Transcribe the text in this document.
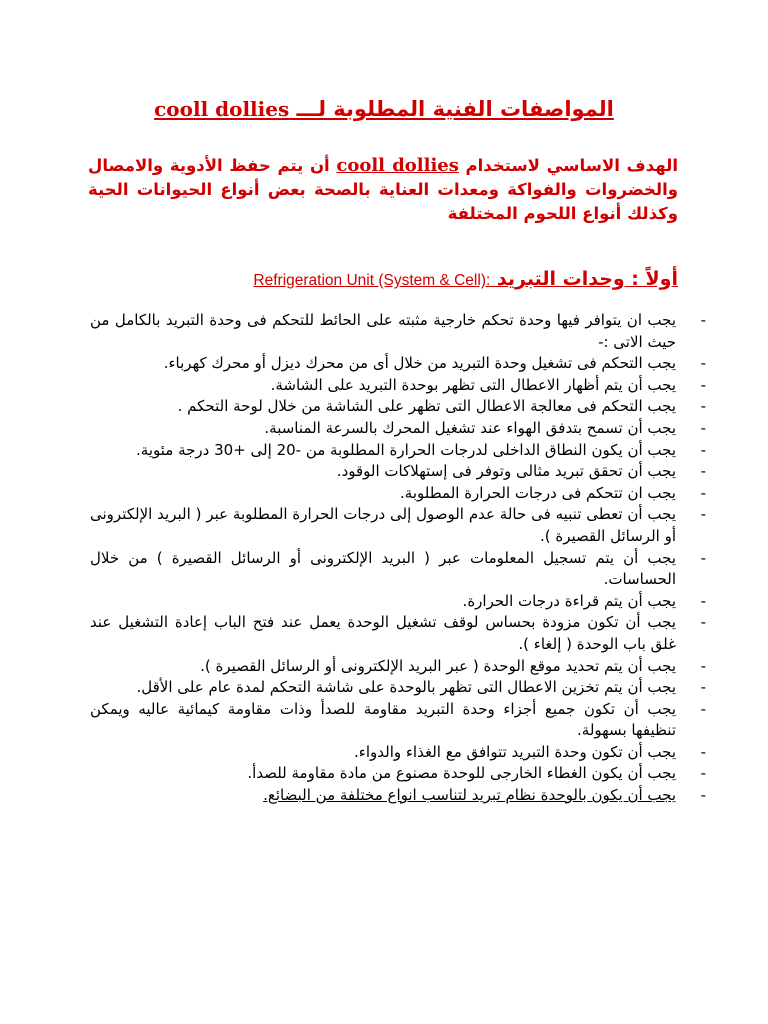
المواصفات الفنية المطلوبة لـــ cooll dollies
الهدف الاساسي لاستخدام cooll dollies أن يتم حفظ الأدوية والامصال والخضروات والفواكة ومعدات العناية بالصحة بعض أنواع الحيوانات الحية وكذلك أنواع اللحوم المختلفة
أولاً : وحدات التبريد Refrigeration Unit (System & Cell):
-
يجب ان يتوافر فيها وحدة تحكم خارجية مثبته على الحائط للتحكم فى وحدة التبريد بالكامل من حيث الاتى :-
-
يجب التحكم فى تشغيل وحدة التبريد من خلال أى من محرك ديزل أو محرك كهرباء.
-
يجب أن يتم أظهار الاعطال التى تظهر بوحدة التبريد على الشاشة.
-
يجب التحكم فى معالجة الاعطال التى تظهر على الشاشة من خلال لوحة التحكم .
-
يجب أن تسمح بتدفق الهواء عند تشغيل المحرك بالسرعة المناسبة.
-
يجب أن يكون النطاق الداخلى لدرجات الحرارة المطلوبة من -20 إلى +30 درجة مئوية.
-
يجب أن تحقق تبريد مثالى وتوفر فى إستهلاكات الوقود.
-
يجب ان تتحكم فى درجات الحرارة المطلوبة.
-
يجب أن تعطى تنبيه فى حالة عدم الوصول إلى درجات الحرارة المطلوبة عبر ( البريد الإلكترونى أو الرسائل القصيرة ).
-
يجب أن يتم تسجيل المعلومات عبر ( البريد الإلكترونى أو الرسائل القصيرة ) من خلال الحساسات.
-
يجب أن يتم قراءة درجات الحرارة.
-
يجب أن تكون مزودة بحساس لوقف تشغيل الوحدة يعمل عند فتح الباب إعادة التشغيل عند غلق باب الوحدة ( إلغاء ).
-
يجب أن يتم تحديد موقع الوحدة ( عبر البريد الإلكترونى أو الرسائل القصيرة ).
-
يجب أن يتم تخزين الاعطال التى تظهر بالوحدة على شاشة التحكم لمدة عام على الأقل.
-
يجب أن تكون جميع أجزاء وحدة التبريد مقاومة للصدأ وذات مقاومة كيمائية عاليه ويمكن تنظيفها بسهولة.
-
يجب أن تكون وحدة التبريد تتوافق مع الغذاء والدواء.
-
يجب أن يكون الغطاء الخارجى للوحدة مصنوع من مادة مقاومة للصدأ.
-
يجب أن يكون بالوحدة نظام تبريد لتناسب انواع مختلفة من البضائع.
